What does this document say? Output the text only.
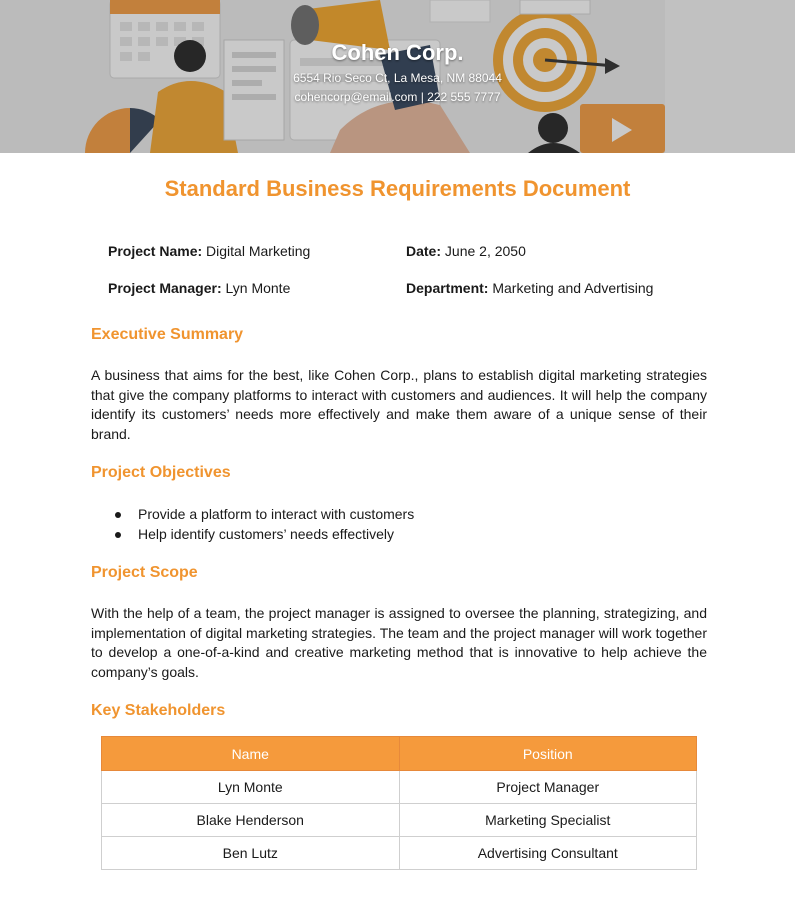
Cohen Corp.
6554 Rio Seco Ct, La Mesa, NM 88044
cohencorp@email.com | 222 555 7777
Standard Business Requirements Document
Project Name: Digital Marketing	Date: June 2, 2050
Project Manager: Lyn Monte	Department: Marketing and Advertising
Executive Summary

A business that aims for the best, like Cohen Corp., plans to establish digital marketing strategies that give the company platforms to interact with customers and audiences. It will help the company identify its customers’ needs more effectively and make them aware of a unique sense of their brand.

Project Objectives
Provide a platform to interact with customers
Help identify customers’ needs effectively
Project Scope

With the help of a team, the project manager is assigned to oversee the planning, strategizing, and implementation of digital marketing strategies. The team and the project manager will work together to develop a one-of-a-kind and creative marketing method that is innovative to help achieve the company’s goals.

Key Stakeholders
Name	Position
Lyn Monte	Project Manager
Blake Henderson	Marketing Specialist
Ben Lutz	Advertising Consultant
